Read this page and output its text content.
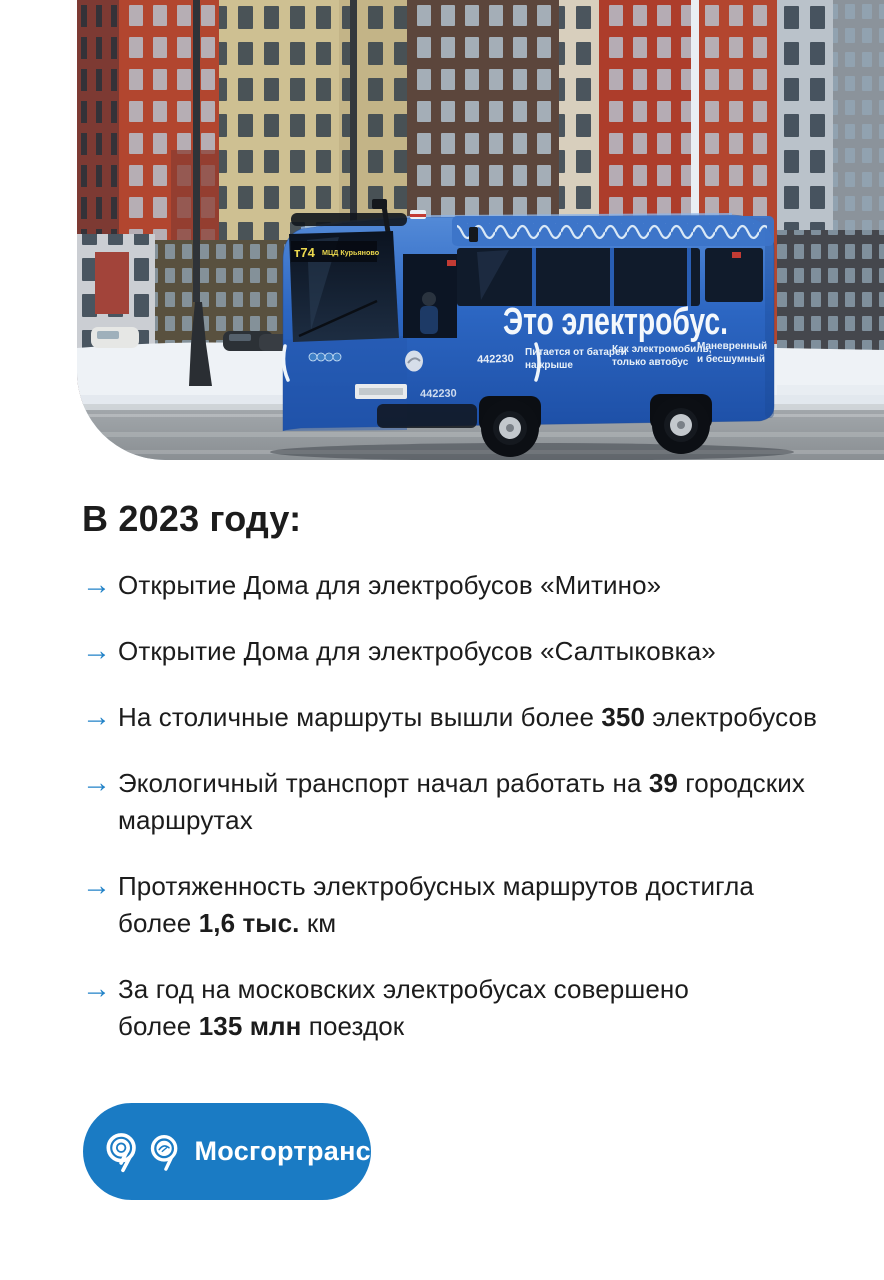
т74 МЦД Курьяново
Это электробус.
Питается от батареи
на крыше
Как электромобиль,
только автобус
Маневренный
и бесшумный
442230
442230
В 2023 году:
→ Открытие Дома для электробусов «Митино»
→ Открытие Дома для электробусов «Салтыковка»
→ На столичные маршруты вышли более 350 электробусов
→ Экологичный транспорт начал работать на 39 городских
маршрутах
→ Протяженность электробусных маршрутов достигла
более 1,6 тыс. км
→ За год на московских электробусах совершено
более 135 млн поездок
Мосгортранс
